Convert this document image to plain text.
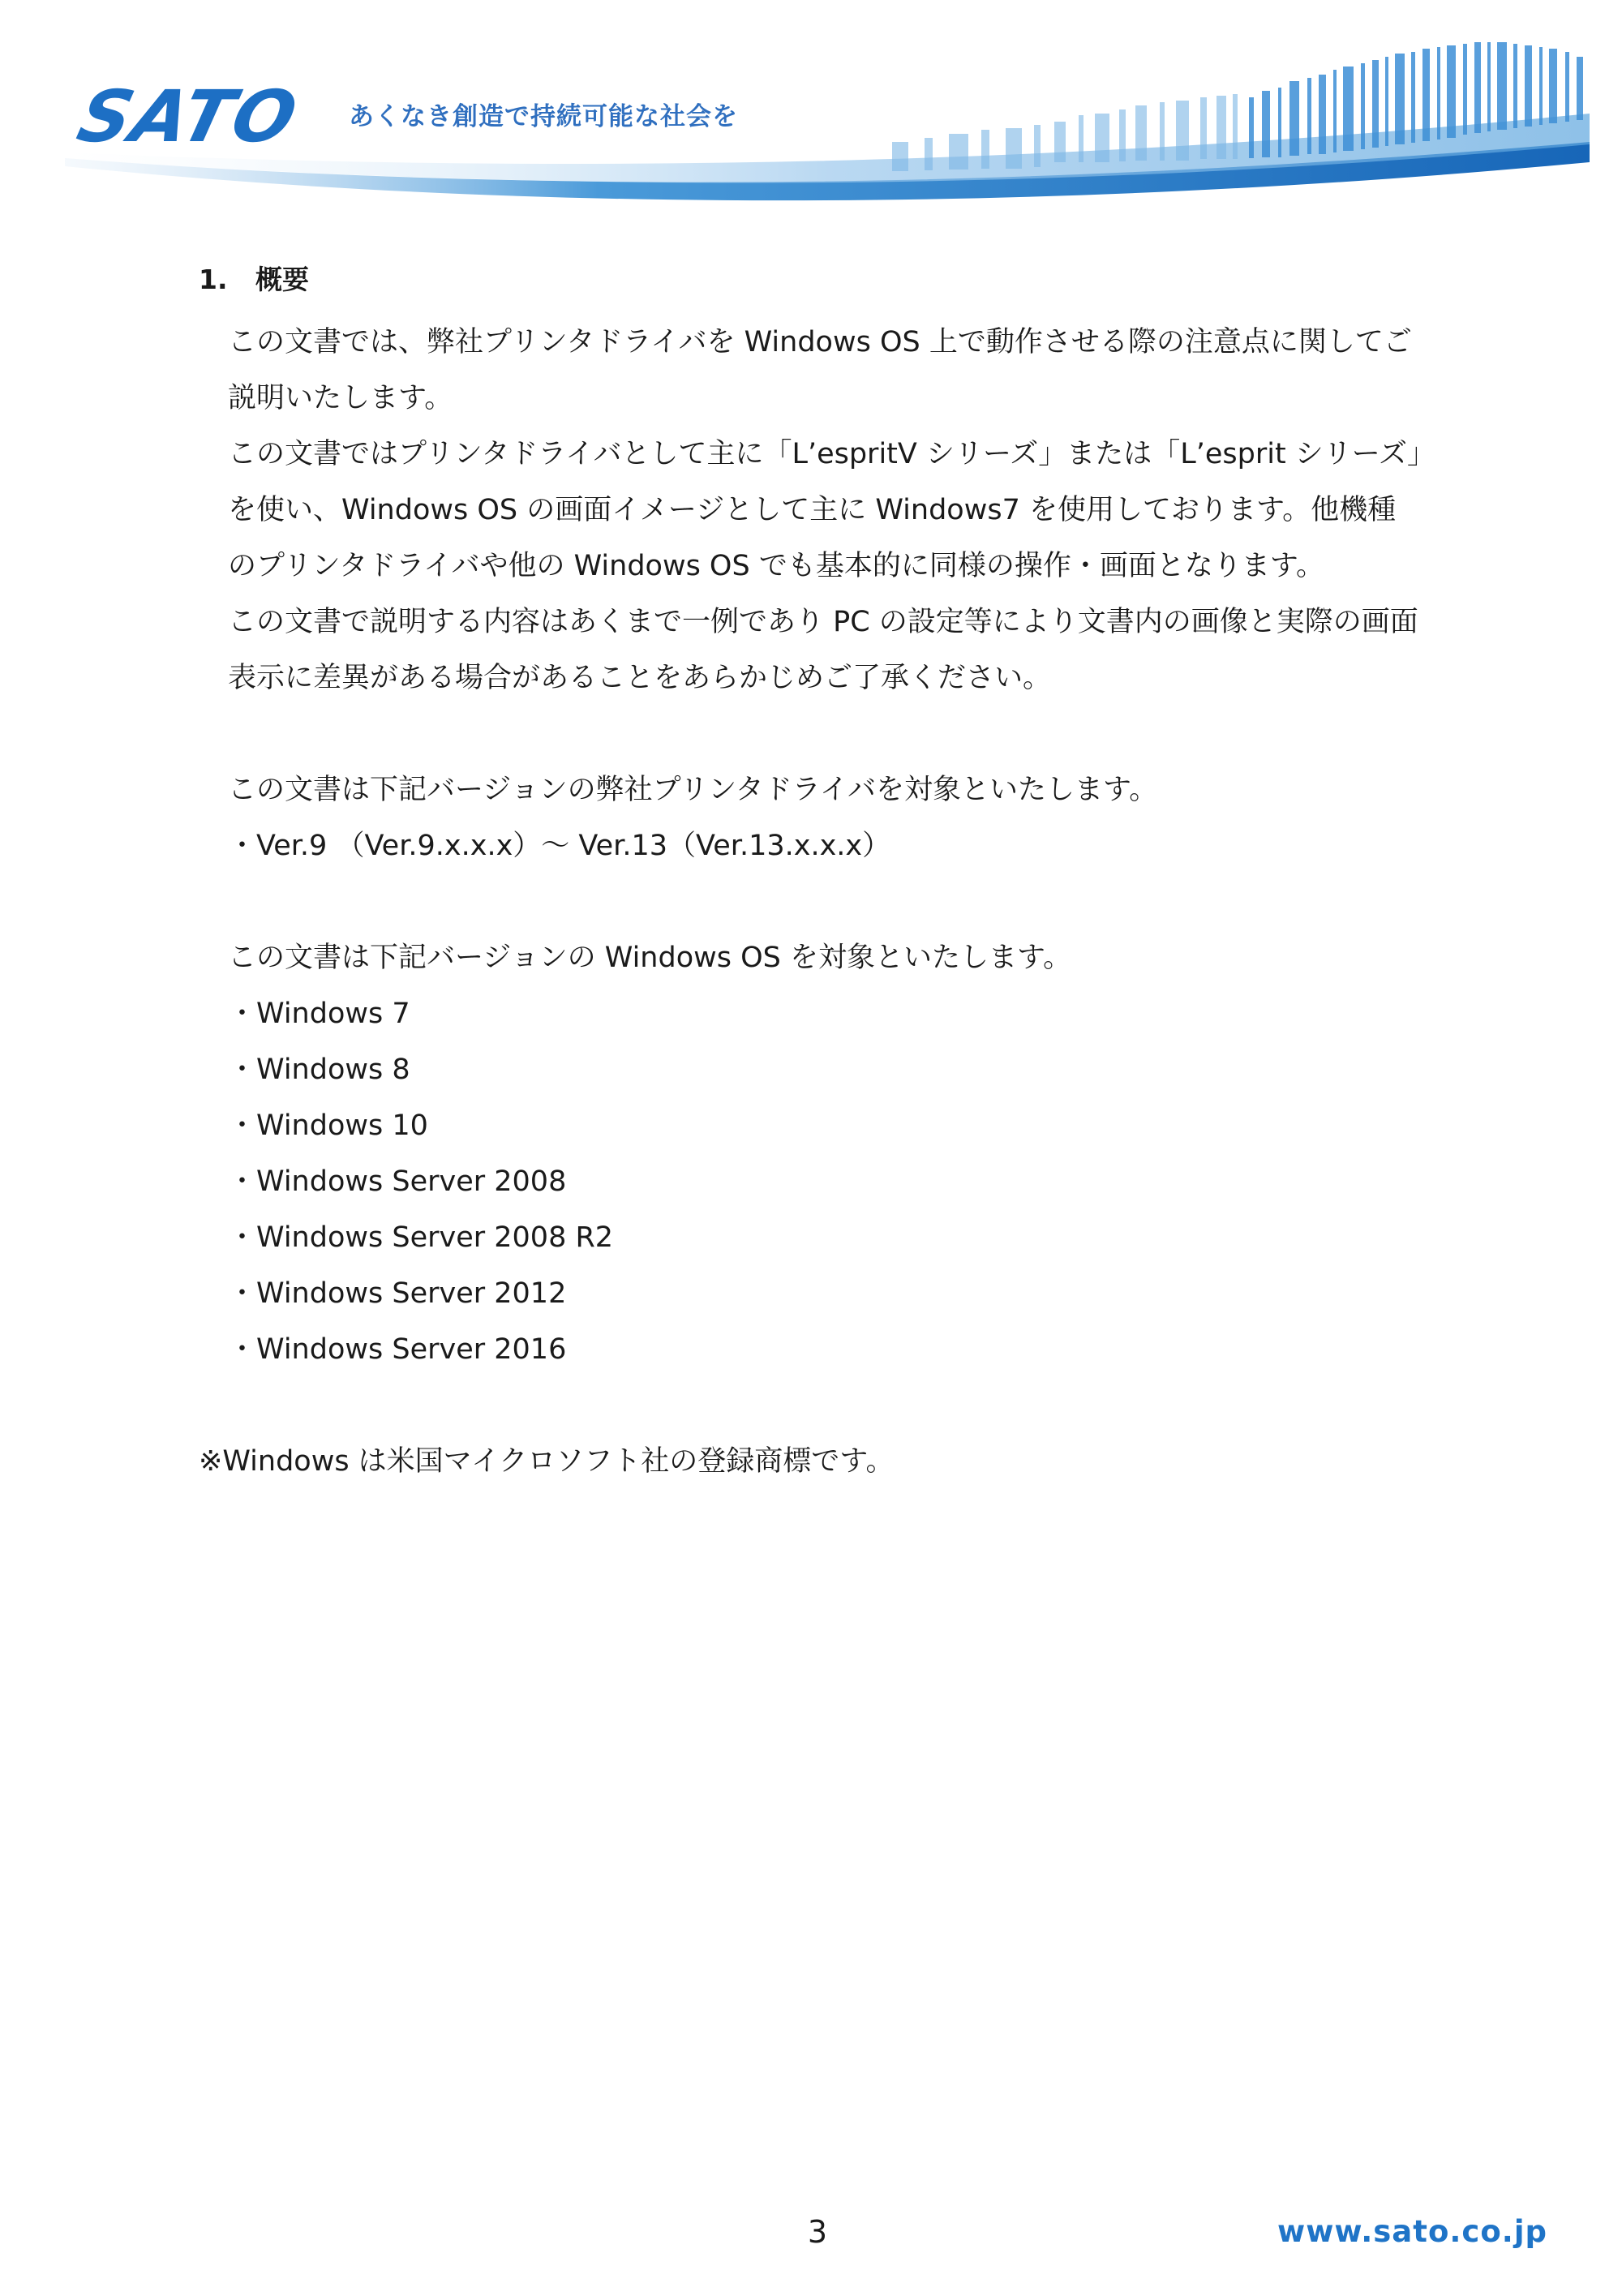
SATO あくなき創造で持続可能な社会を
1. 概要

この文書では、弊社プリンタドライバを Windows OS 上で動作させる際の注意点に関してご

説明いたします。

この文書ではプリンタドライバとして主に「L’espritV シリーズ」または「L’esprit シリーズ」

を使い、Windows OS の画面イメージとして主に Windows7 を使用しております。他機種

のプリンタドライバや他の Windows OS でも基本的に同様の操作・画面となります。

この文書で説明する内容はあくまで一例であり PC の設定等により文書内の画像と実際の画面

表示に差異がある場合があることをあらかじめご了承ください。

この文書は下記バージョンの弊社プリンタドライバを対象といたします。

・Ver.9 （Ver.9.x.x.x）～ Ver.13（Ver.13.x.x.x）

この文書は下記バージョンの Windows OS を対象といたします。

・Windows 7

・Windows 8

・Windows 10

・Windows Server 2008

・Windows Server 2008 R2

・Windows Server 2012

・Windows Server 2016

※Windows は米国マイクロソフト社の登録商標です。
3	www.sato.co.jp
